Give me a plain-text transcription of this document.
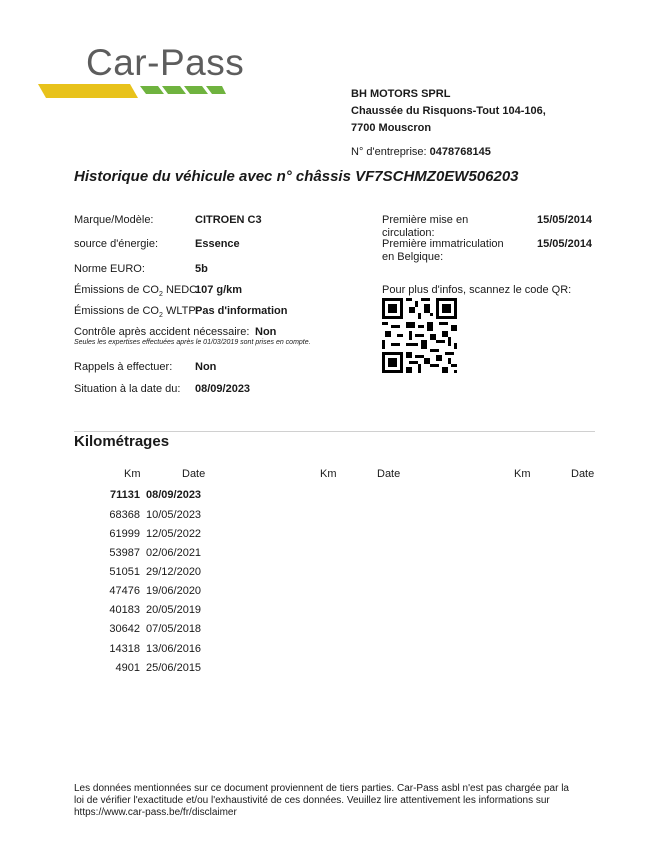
Car-Pass
BH MOTORS SPRL
Chaussée du Risquons-Tout 104-106,
7700 Mouscron
N° d'entreprise: 0478768145
Historique du véhicule avec n° châssis VF7SCHMZ0EW506203
Marque/Modèle:	CITROEN C3
source d'énergie:	Essence
Norme EURO:	5b
Émissions de $CO_2$ NEDC:
107 g/km
Émissions de $CO_2$ WLTP:
Pas d'information
Contrôle après accident nécessaire: Non
Seules les expertises effectuées après le 01/03/2019 sont prises en compte.
Rappels à effectuer: Non
Situation à la date du: 08/09/2023
Première mise en
circulation:
15/05/2014
Première immatriculation
en Belgique:
15/05/2014
Pour plus d'infos, scannez le code QR:
Kilométrages
Km	Date	Km	Date	Km	Date
71131 08/09/2023
68368 10/05/2023
61999 12/05/2022
53987 02/06/2021
51051 29/12/2020
47476 19/06/2020
40183 20/05/2019
30642 07/05/2018
14318 13/06/2016
4901 25/06/2015
Les données mentionnées sur ce document proviennent de tiers parties. Car-Pass asbl n'est pas chargée par la
loi de vérifier l'exactitude et/ou l'exhaustivité de ces données. Veuillez lire attentivement les informations sur
https://www.car-pass.be/fr/disclaimer
